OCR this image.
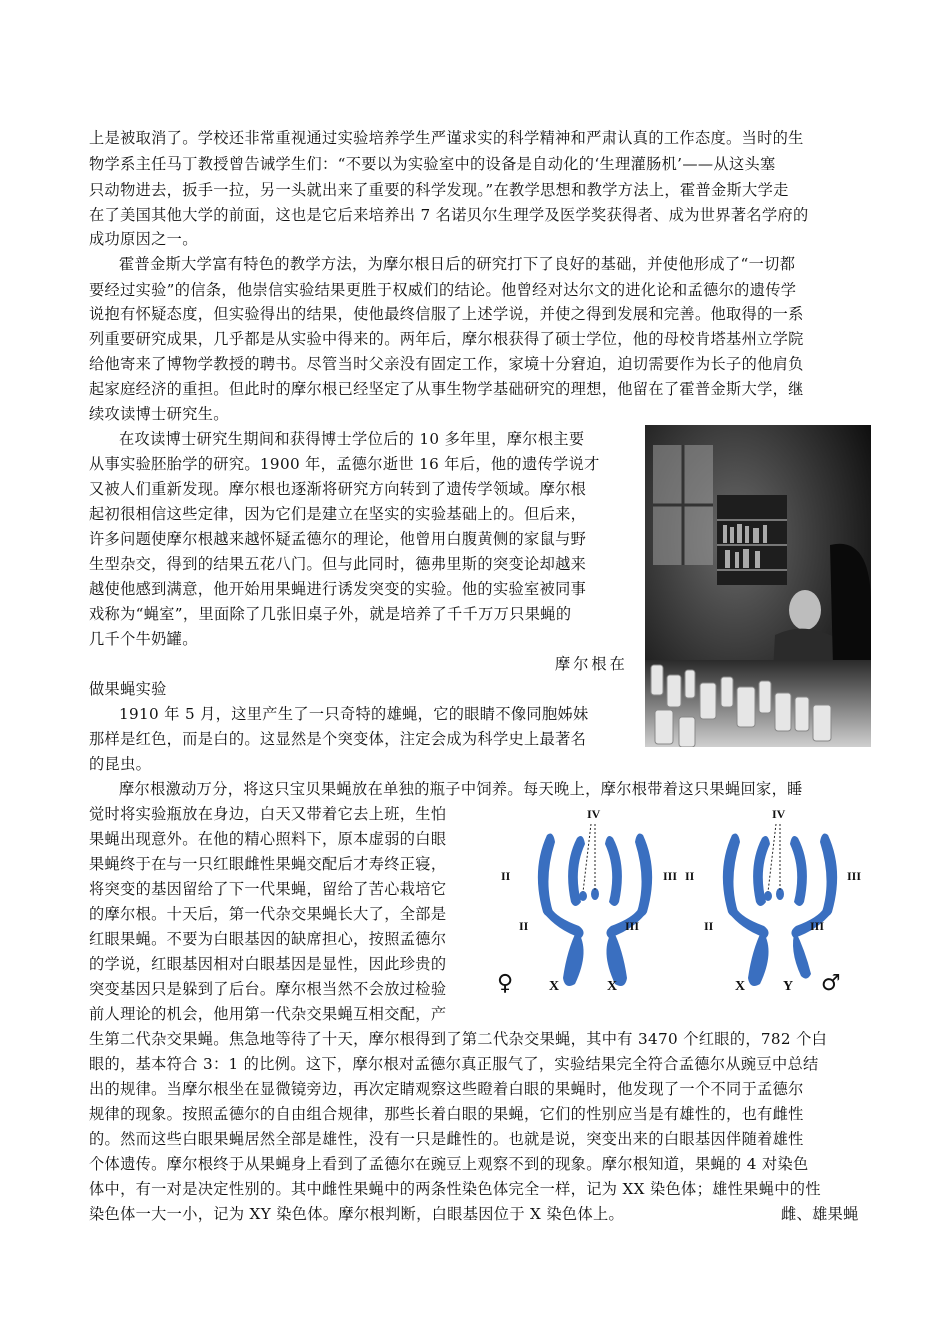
上是被取消了。学校还非常重视通过实验培养学生严谨求实的科学精神和严肃认真的工作态度。当时的生
物学系主任马丁教授曾告诫学生们：“不要以为实验室中的设备是自动化的‘生理灌肠机’——从这头塞
只动物进去，扳手一拉，另一头就出来了重要的科学发现。”在教学思想和教学方法上，霍普金斯大学走
在了美国其他大学的前面，这也是它后来培养出 7 名诺贝尔生理学及医学奖获得者、成为世界著名学府的
成功原因之一。
霍普金斯大学富有特色的教学方法，为摩尔根日后的研究打下了良好的基础，并使他形成了“一切都
要经过实验”的信条，他崇信实验结果更胜于权威们的结论。他曾经对达尔文的进化论和孟德尔的遗传学
说抱有怀疑态度，但实验得出的结果，使他最终信服了上述学说，并使之得到发展和完善。他取得的一系
列重要研究成果，几乎都是从实验中得来的。两年后，摩尔根获得了硕士学位，他的母校肯塔基州立学院
给他寄来了博物学教授的聘书。尽管当时父亲没有固定工作，家境十分窘迫，迫切需要作为长子的他肩负
起家庭经济的重担。但此时的摩尔根已经坚定了从事生物学基础研究的理想，他留在了霍普金斯大学，继
续攻读博士研究生。
在攻读博士研究生期间和获得博士学位后的 10 多年里，摩尔根主要
从事实验胚胎学的研究。1900 年，孟德尔逝世 16 年后，他的遗传学说才
又被人们重新发现。摩尔根也逐渐将研究方向转到了遗传学领域。摩尔根
起初很相信这些定律，因为它们是建立在坚实的实验基础上的。但后来，
许多问题使摩尔根越来越怀疑孟德尔的理论，他曾用白腹黄侧的家鼠与野
生型杂交，得到的结果五花八门。但与此同时，德弗里斯的突变论却越来
越使他感到满意，他开始用果蝇进行诱发突变的实验。他的实验室被同事
戏称为“蝇室”，里面除了几张旧桌子外，就是培养了千千万万只果蝇的
几千个牛奶罐。
摩尔根在
做果蝇实验
1910 年 5 月，这里产生了一只奇特的雄蝇，它的眼睛不像同胞姊妹
那样是红色，而是白的。这显然是个突变体，注定会成为科学史上最著名
的昆虫。
摩尔根激动万分，将这只宝贝果蝇放在单独的瓶子中饲养。每天晚上，摩尔根带着这只果蝇回家，睡
觉时将实验瓶放在身边，白天又带着它去上班，生怕
果蝇出现意外。在他的精心照料下，原本虚弱的白眼
果蝇终于在与一只红眼雌性果蝇交配后才寿终正寝，
将突变的基因留给了下一代果蝇，留给了苦心栽培它
的摩尔根。十天后，第一代杂交果蝇长大了，全部是
红眼果蝇。不要为白眼基因的缺席担心，按照孟德尔
的学说，红眼基因相对白眼基因是显性，因此珍贵的
突变基因只是躲到了后台。摩尔根当然不会放过检验
前人理论的机会，他用第一代杂交果蝇互相交配，产
生第二代杂交果蝇。焦急地等待了十天，摩尔根得到了第二代杂交果蝇，其中有 3470 个红眼的，782 个白
眼的，基本符合 3：1 的比例。这下，摩尔根对孟德尔真正服气了，实验结果完全符合孟德尔从豌豆中总结
出的规律。当摩尔根坐在显微镜旁边，再次定睛观察这些瞪着白眼的果蝇时，他发现了一个不同于孟德尔
规律的现象。按照孟德尔的自由组合规律，那些长着白眼的果蝇，它们的性别应当是有雄性的，也有雌性
的。然而这些白眼果蝇居然全部是雄性，没有一只是雌性的。也就是说，突变出来的白眼基因伴随着雄性
个体遗传。摩尔根终于从果蝇身上看到了孟德尔在豌豆上观察不到的现象。摩尔根知道，果蝇的 4 对染色
体中，有一对是决定性别的。其中雌性果蝇中的两条性染色体完全一样，记为 XX 染色体；雄性果蝇中的性
染色体一大一小，记为 XY 染色体。摩尔根判断，白眼基因位于 X 染色体上。	雌、雄果蝇
IV
II	III
II	III
X	X
IV
II	III
II	III
X	Y
♀	♂
